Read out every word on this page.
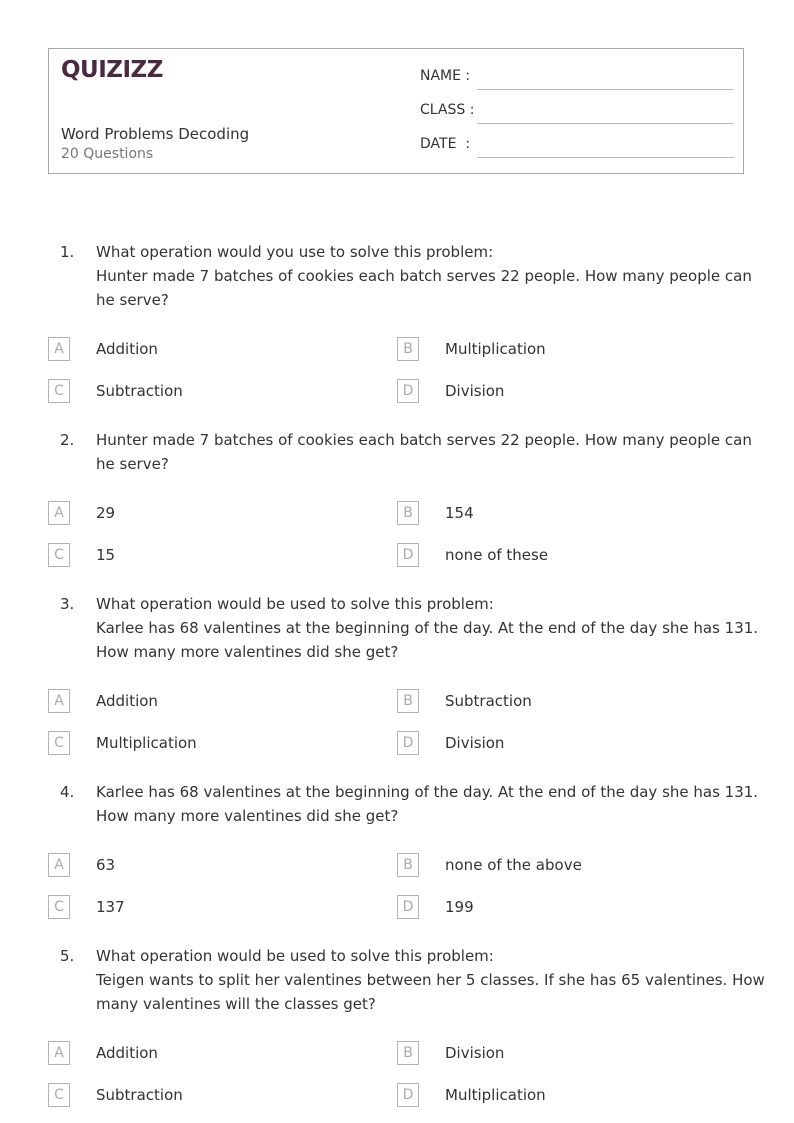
QUIZIZZ
Word Problems Decoding
20 Questions
NAME :
CLASS :
DATE  :
1. What operation would you use to solve this problem:
Hunter made 7 batches of cookies each batch serves 22 people. How many people can
he serve?
A	Addition	B	Multiplication
C	Subtraction	D	Division
2. Hunter made 7 batches of cookies each batch serves 22 people. How many people can
he serve?
A	29	B	154
C	15	D	none of these
3. What operation would be used to solve this problem:
Karlee has 68 valentines at the beginning of the day. At the end of the day she has 131.
How many more valentines did she get?
A	Addition	B	Subtraction
C	Multiplication	D	Division
4. Karlee has 68 valentines at the beginning of the day. At the end of the day she has 131.
How many more valentines did she get?
A	63	B	none of the above
C	137	D	199
5. What operation would be used to solve this problem:
Teigen wants to split her valentines between her 5 classes. If she has 65 valentines. How
many valentines will the classes get?
A	Addition	B	Division
C	Subtraction	D	Multiplication
